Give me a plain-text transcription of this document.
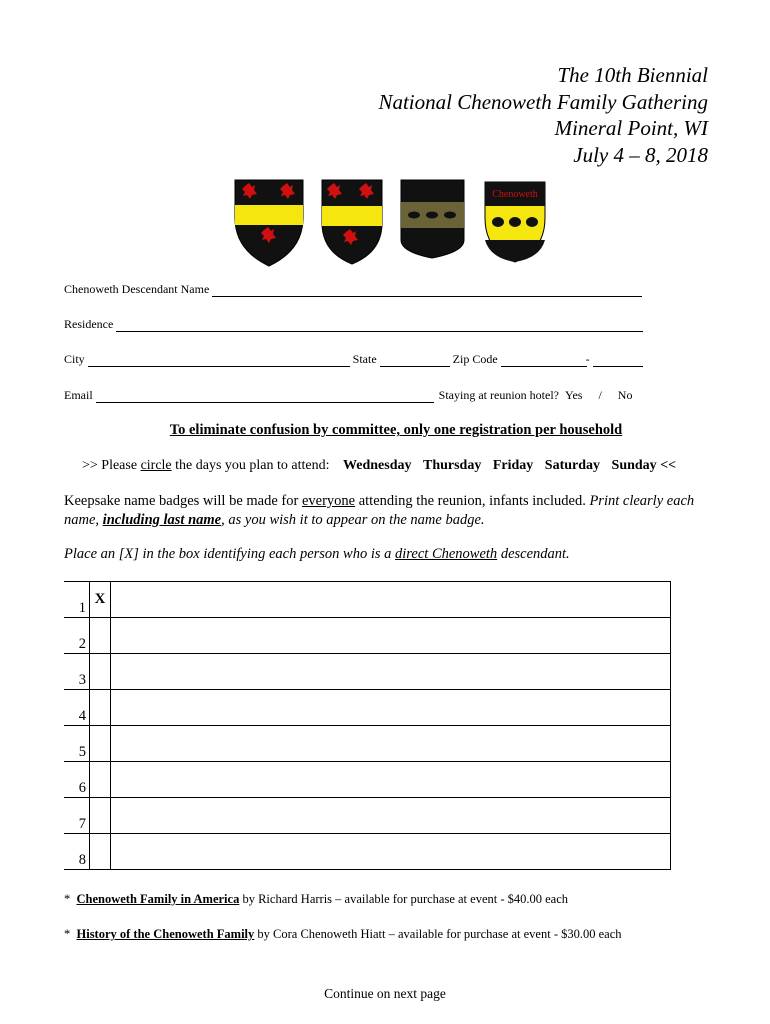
The 10th Biennial
National Chenoweth Family Gathering
Mineral Point, WI
July 4 – 8, 2018
Chenoweth
Chenoweth Descendant Name
Residence
City	State	Zip Code	-
Email	Staying at reunion hotel? Yes / No
To eliminate confusion by committee, only one registration per household
>> Please circle the days you plan to attend: Wednesday Thursday Friday Saturday Sunday <<
Keepsake name badges will be made for everyone attending the reunion, infants included. Print clearly each name, including last name, as you wish it to appear on the name badge.
Place an [X] in the box identifying each person who is a direct Chenoweth descendant.
1	X	
2		
3		
4		
5		
6		
7		
8		
* Chenoweth Family in America by Richard Harris – available for purchase at event - $40.00 each
* History of the Chenoweth Family by Cora Chenoweth Hiatt – available for purchase at event - $30.00 each
Continue on next page
